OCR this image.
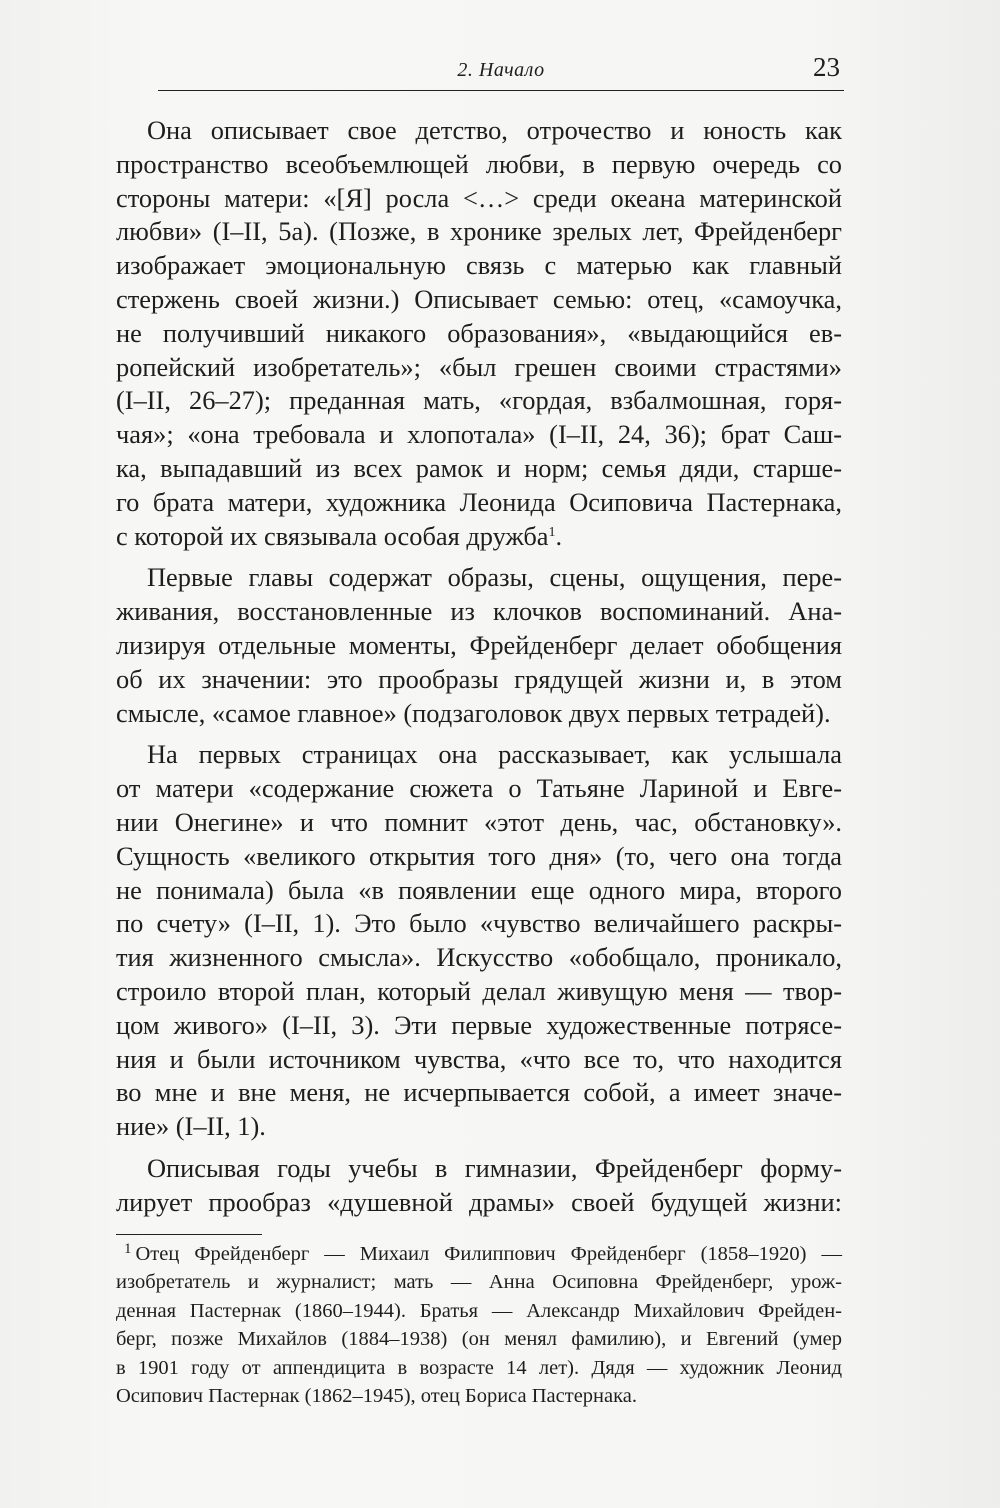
2. Начало	23
Она описывает свое детство, отрочество и юность как
пространство всеобъемлющей любви, в первую очередь со
стороны матери: «[Я] росла <…> среди океана материнской
любви» (I–II, 5а). (Позже, в хронике зрелых лет, Фрейденберг
изображает эмоциональную связь с матерью как главный
стержень своей жизни.) Описывает семью: отец, «самоучка,
не получивший никакого образования», «выдающийся ев-
ропейский изобретатель»; «был грешен своими страстями»
(I–II, 26–27); преданная мать, «гордая, взбалмошная, горя-
чая»; «она требовала и хлопотала» (I–II, 24, 36); брат Саш-
ка, выпадавший из всех рамок и норм; семья дяди, старше-
го брата матери, художника Леонида Осиповича Пастернака,
с которой их связывала особая дружба$^1$.
Первые главы содержат образы, сцены, ощущения, пере-
живания, восстановленные из клочков воспоминаний. Ана-
лизируя отдельные моменты, Фрейденберг делает обобщения
об их значении: это прообразы грядущей жизни и, в этом
смысле, «самое главное» (подзаголовок двух первых тетрадей).
На первых страницах она рассказывает, как услышала
от матери «содержание сюжета о Татьяне Лариной и Евге-
нии Онегине» и что помнит «этот день, час, обстановку».
Сущность «великого открытия того дня» (то, чего она тогда
не понимала) была «в появлении еще одного мира, второго
по счету» (I–II, 1). Это было «чувство величайшего раскры-
тия жизненного смысла». Искусство «обобщало, проникало,
строило второй план, который делал живущую меня — твор-
цом живого» (I–II, 3). Эти первые художественные потрясе-
ния и были источником чувства, «что все то, что находится
во мне и вне меня, не исчерпывается собой, а имеет значе-
ние» (I–II, 1).
Описывая годы учебы в гимназии, Фрейденберг форму-
лирует прообраз «душевной драмы» своей будущей жизни:
$^1$ Отец Фрейденберг — Михаил Филиппович Фрейденберг (1858–1920) —
изобретатель и журналист; мать — Анна Осиповна Фрейденберг, урож-
денная Пастернак (1860–1944). Братья — Александр Михайлович Фрейден-
берг, позже Михайлов (1884–1938) (он менял фамилию), и Евгений (умер
в 1901 году от аппендицита в возрасте 14 лет). Дядя — художник Леонид
Осипович Пастернак (1862–1945), отец Бориса Пастернака.
